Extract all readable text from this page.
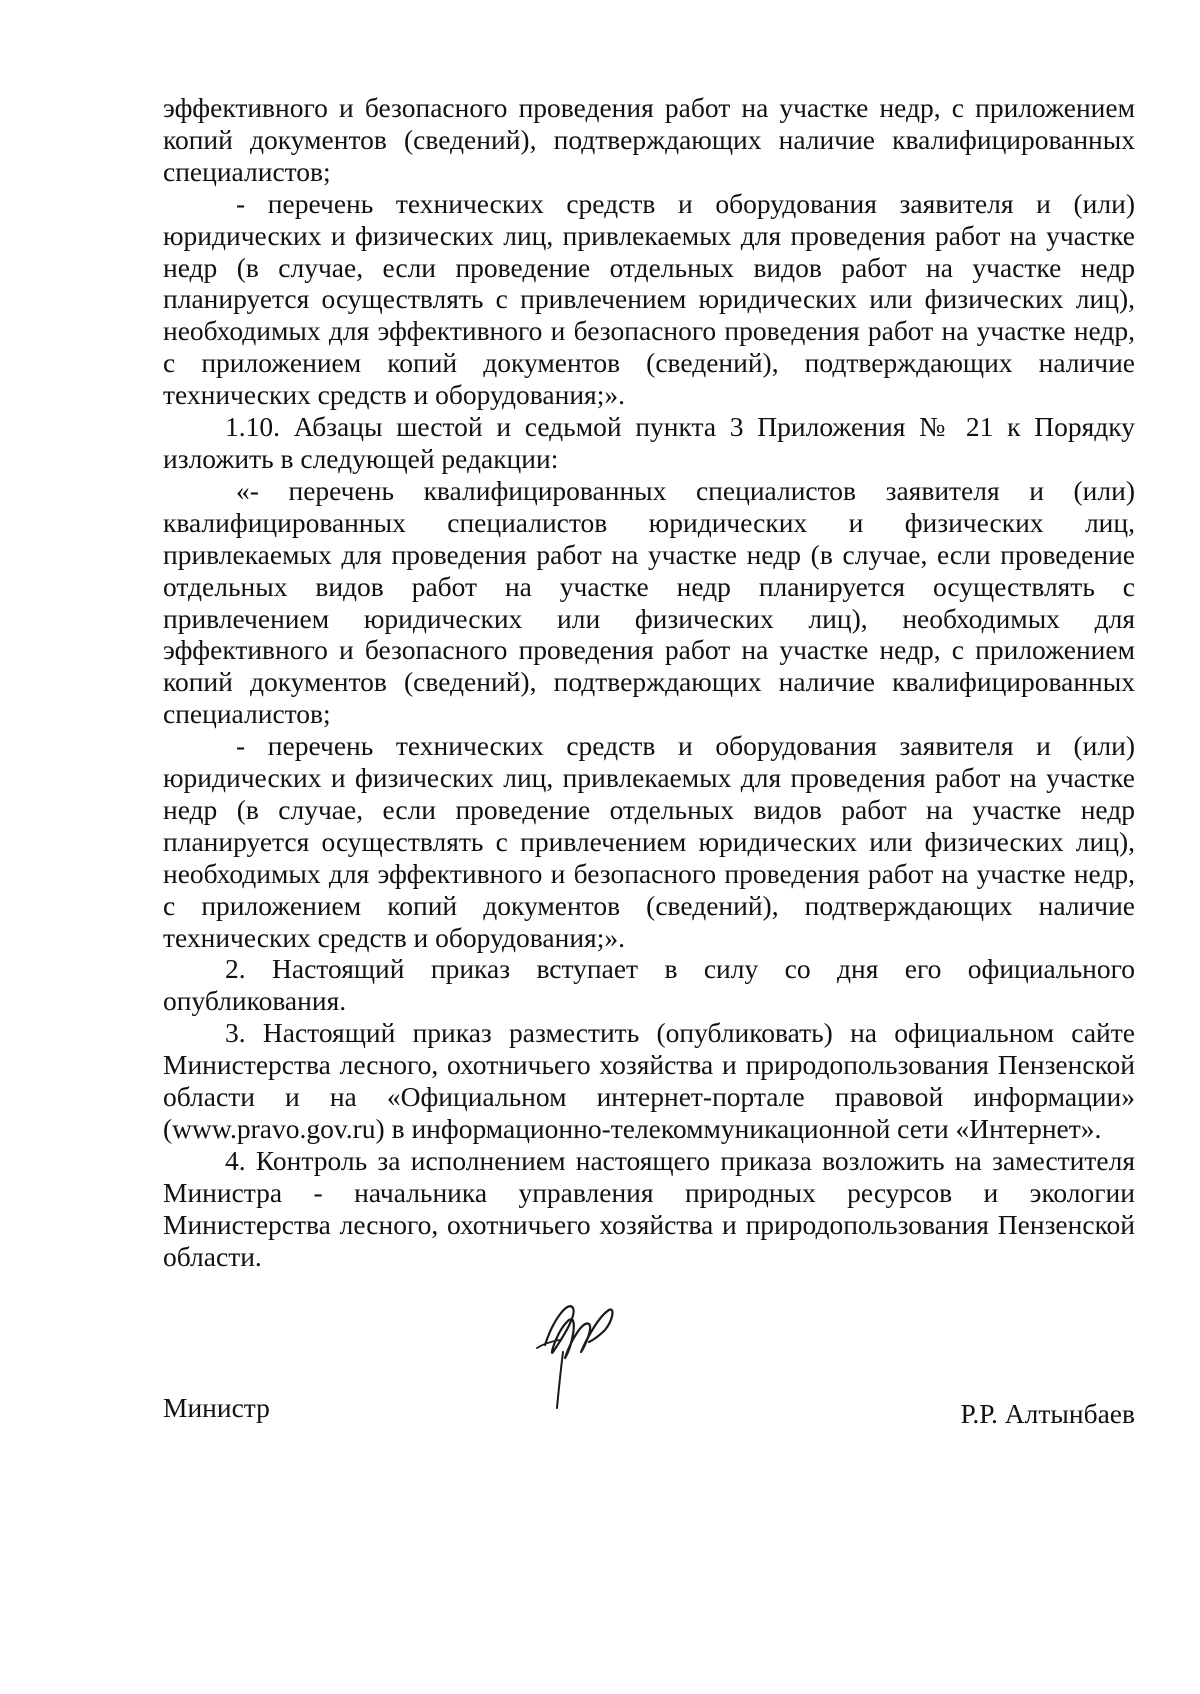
эффективного и безопасного проведения работ на участке недр, с приложением копий документов (сведений), подтверждающих наличие квалифицированных специалистов;

- перечень технических средств и оборудования заявителя и (или) юридических и физических лиц, привлекаемых для проведения работ на участке недр (в случае, если проведение отдельных видов работ на участке недр планируется осуществлять с привлечением юридических или физических лиц), необходимых для эффективного и безопасного проведения работ на участке недр, с приложением копий документов (сведений), подтверждающих наличие технических средств и оборудования;».

1.10. Абзацы шестой и седьмой пункта 3 Приложения № 21 к Порядку изложить в следующей редакции:

«- перечень квалифицированных специалистов заявителя и (или) квалифицированных специалистов юридических и физических лиц, привлекаемых для проведения работ на участке недр (в случае, если проведение отдельных видов работ на участке недр планируется осуществлять с привлечением юридических или физических лиц), необходимых для эффективного и безопасного проведения работ на участке недр, с приложением копий документов (сведений), подтверждающих наличие квалифицированных специалистов;

- перечень технических средств и оборудования заявителя и (или) юридических и физических лиц, привлекаемых для проведения работ на участке недр (в случае, если проведение отдельных видов работ на участке недр планируется осуществлять с привлечением юридических или физических лиц), необходимых для эффективного и безопасного проведения работ на участке недр, с приложением копий документов (сведений), подтверждающих наличие технических средств и оборудования;».

2. Настоящий приказ вступает в силу со дня его официального опубликования.

3. Настоящий приказ разместить (опубликовать) на официальном сайте Министерства лесного, охотничьего хозяйства и природопользования Пензенской области и на «Официальном интернет-портале правовой информации» (www.pravo.gov.ru) в информационно-телекоммуникационной сети «Интернет».

4. Контроль за исполнением настоящего приказа возложить на заместителя Министра - начальника управления природных ресурсов и экологии Министерства лесного, охотничьего хозяйства и природопользования Пензенской области.

Министр	Р.Р. Алтынбаев
